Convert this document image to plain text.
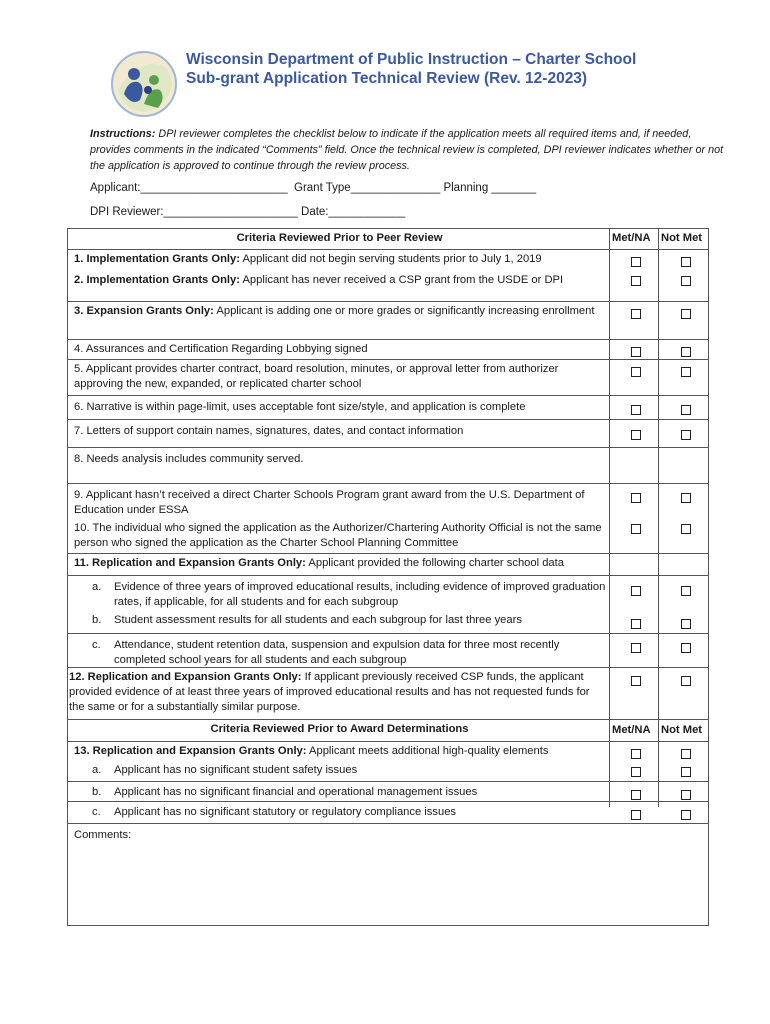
Wisconsin Department of Public Instruction – Charter School
Sub-grant Application Technical Review (Rev. 12-2023)
Instructions: DPI reviewer completes the checklist below to indicate if the application meets all required items and, if needed, provides comments in the indicated “Comments” field. Once the technical review is completed, DPI reviewer indicates whether or not the application is approved to continue through the review process.
Applicant:_______________________  Grant Type______________ Planning _______
DPI Reviewer:_____________________ Date:____________
Criteria Reviewed Prior to Peer Review	Met/NA Not Met
1. Implementation Grants Only: Applicant did not begin serving students prior to July 1, 2019
2. Implementation Grants Only: Applicant has never received a CSP grant from the USDE or DPI
3. Expansion Grants Only: Applicant is adding one or more grades or significantly increasing enrollment
4. Assurances and Certification Regarding Lobbying signed
5. Applicant provides charter contract, board resolution, minutes, or approval letter from authorizer approving the new, expanded, or replicated charter school
6. Narrative is within page-limit, uses acceptable font size/style, and application is complete
7. Letters of support contain names, signatures, dates, and contact information
8. Needs analysis includes community served.
9. Applicant hasn’t received a direct Charter Schools Program grant award from the U.S. Department of Education under ESSA
10. The individual who signed the application as the Authorizer/Chartering Authority Official is not the same person who signed the application as the Charter School Planning Committee
11. Replication and Expansion Grants Only: Applicant provided the following charter school data
a. Evidence of three years of improved educational results, including evidence of improved graduation rates, if applicable, for all students and for each subgroup
b. Student assessment results for all students and each subgroup for last three years
c. Attendance, student retention data, suspension and expulsion data for three most recently completed school years for all students and each subgroup
12. Replication and Expansion Grants Only: If applicant previously received CSP funds, the applicant provided evidence of at least three years of improved educational results and has not requested funds for the same or for a substantially similar purpose.
Criteria Reviewed Prior to Award Determinations	Met/NA Not Met
13. Replication and Expansion Grants Only: Applicant meets additional high-quality elements
a. Applicant has no significant student safety issues
b. Applicant has no significant financial and operational management issues
c. Applicant has no significant statutory or regulatory compliance issues
Comments:
